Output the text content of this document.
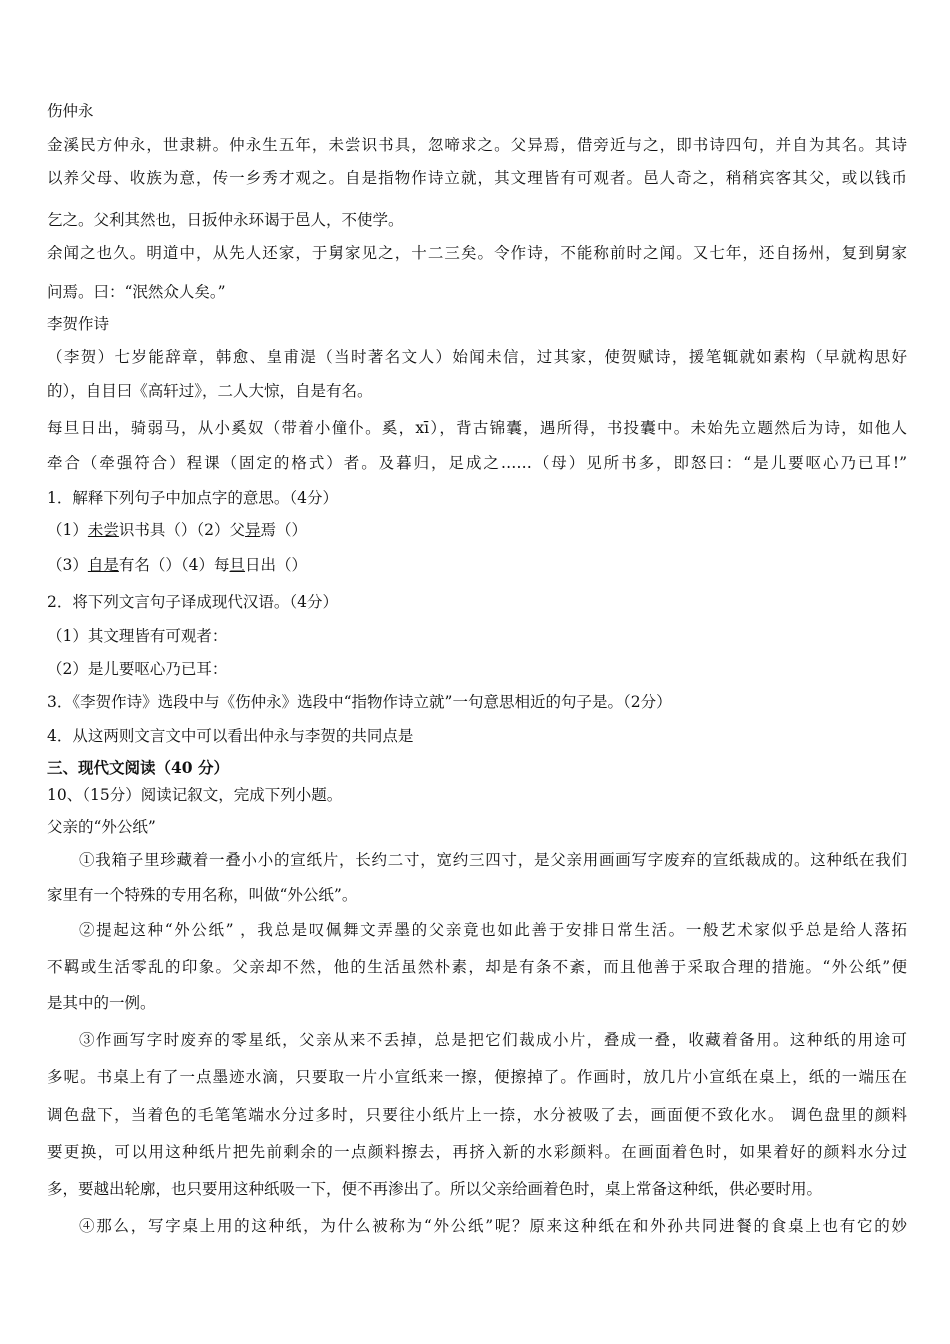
伤仲永
金溪民方仲永，世隶耕。仲永生五年，未尝识书具，忽啼求之。父异焉，借旁近与之，即书诗四句，并自为其名。其诗
以养父母、收族为意，传一乡秀才观之。自是指物作诗立就，其文理皆有可观者。邑人奇之，稍稍宾客其父，或以钱币
乞之。父利其然也，日扳仲永环谒于邑人，不使学。
余闻之也久。明道中，从先人还家，于舅家见之，十二三矣。令作诗，不能称前时之闻。又七年，还自扬州，复到舅家
问焉。曰：“泯然众人矣。”
李贺作诗
（李贺）七岁能辞章，韩愈、皇甫湜（当时著名文人）始闻未信，过其家，使贺赋诗，援笔辄就如素构（早就构思好
的），自目曰《高轩过》，二人大惊，自是有名。
每旦日出，骑弱马，从小奚奴（带着小僮仆。奚，xī），背古锦囊，遇所得，书投囊中。未始先立题然后为诗，如他人
牵合（牵强符合）程课（固定的格式）者。及暮归，足成之……（母）见所书多，即怒曰：“是儿要呕心乃已耳!”
1．解释下列句子中加点字的意思。（4分）
（1）未尝识书具（）（2）父异焉（）
（3）自是有名（）（4）每旦日出（）
2．将下列文言句子译成现代汉语。（4分）
（1）其文理皆有可观者：
（2）是儿要呕心乃已耳：
3．《李贺作诗》选段中与《伤仲永》选段中“指物作诗立就”一句意思相近的句子是。（2分）
4．从这两则文言文中可以看出仲永与李贺的共同点是
三、现代文阅读（40 分）
10、（15分）阅读记叙文，完成下列小题。
父亲的“外公纸”
①我箱子里珍藏着一叠小小的宣纸片，长约二寸，宽约三四寸，是父亲用画画写字废弃的宣纸裁成的。这种纸在我们
家里有一个特殊的专用名称，叫做“外公纸”。
②提起这种“外公纸” ，我总是叹佩舞文弄墨的父亲竟也如此善于安排日常生活。一般艺术家似乎总是给人落拓
不羁或生活零乱的印象。父亲却不然，他的生活虽然朴素，却是有条不紊，而且他善于采取合理的措施。“外公纸”便
是其中的一例。
③作画写字时废弃的零星纸，父亲从来不丢掉，总是把它们裁成小片，叠成一叠，收藏着备用。这种纸的用途可
多呢。书桌上有了一点墨迹水滴，只要取一片小宣纸来一擦，便擦掉了。作画时，放几片小宣纸在桌上，纸的一端压在
调色盘下，当着色的毛笔笔端水分过多时，只要往小纸片上一捺，水分被吸了去，画面便不致化水。 调色盘里的颜料
要更换，可以用这种纸片把先前剩余的一点颜料擦去，再挤入新的水彩颜料。在画面着色时，如果着好的颜料水分过
多，要越出轮廓，也只要用这种纸吸一下，便不再渗出了。所以父亲给画着色时，桌上常备这种纸，供必要时用。
④那么，写字桌上用的这种纸，为什么被称为“外公纸”呢？原来这种纸在和外孙共同进餐的食桌上也有它的妙
